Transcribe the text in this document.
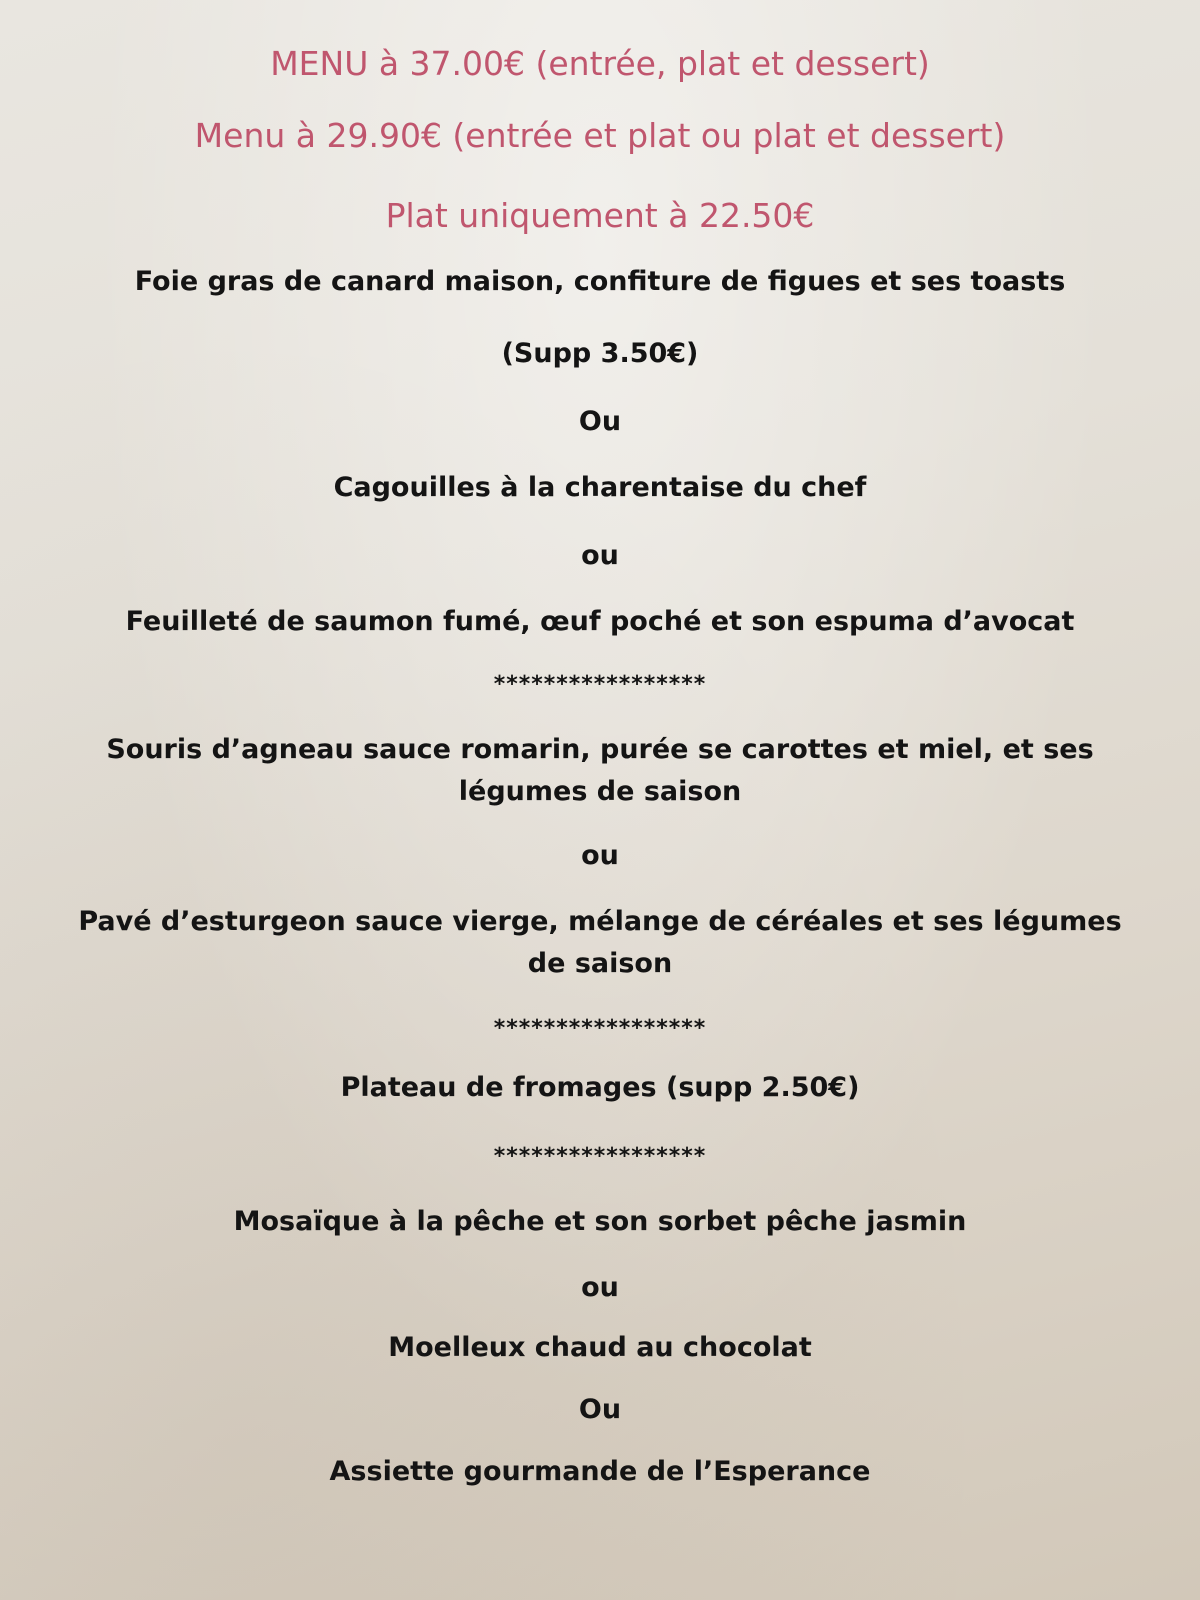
MENU à 37.00€ (entrée, plat et dessert)
Menu à 29.90€ (entrée et plat ou plat et dessert)
Plat uniquement à 22.50€
Foie gras de canard maison, confiture de figues et ses toasts
(Supp 3.50€)
Ou
Cagouilles à la charentaise du chef
ou
Feuilleté de saumon fumé, œuf poché et son espuma d’avocat
*****************
Souris d’agneau sauce romarin, purée se carottes et miel, et ses
légumes de saison
ou
Pavé d’esturgeon sauce vierge, mélange de céréales et ses légumes
de saison
*****************
Plateau de fromages (supp 2.50€)
*****************
Mosaïque à la pêche et son sorbet pêche jasmin
ou
Moelleux chaud au chocolat
Ou
Assiette gourmande de l’Esperance
